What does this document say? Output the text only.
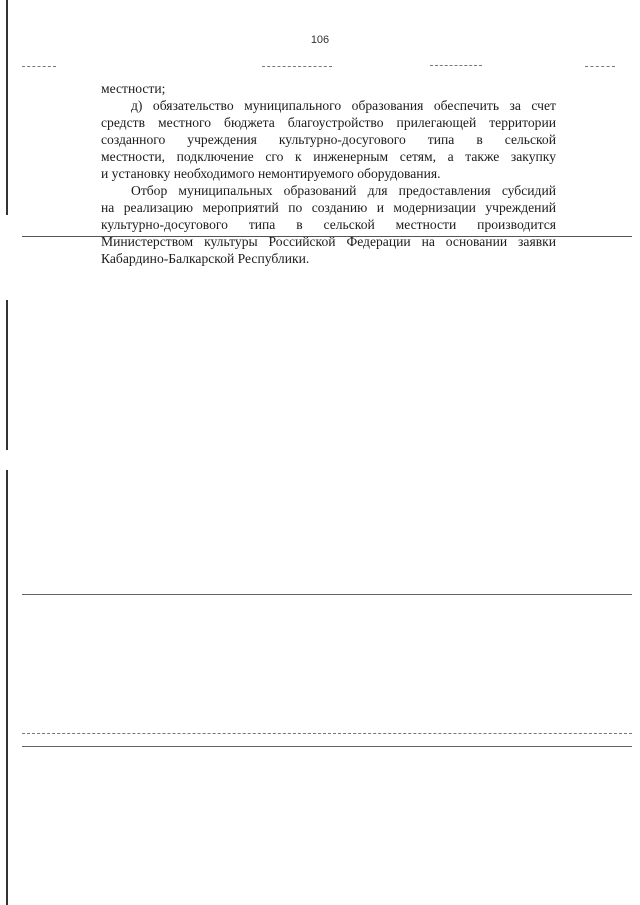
106
местности;
д) обязательство муниципального образования обеспечить за счет
средств местного бюджета благоустройство прилегающей территории
созданного учреждения культурно-досугового типа в сельской
местности, подключение сго к инженерным сетям, а также закупку
и установку необходимого немонтируемого оборудования.
Отбор муниципальных образований для предоставления субсидий
на реализацию мероприятий по созданию и модернизации учреждений
культурно-досугового типа в сельской местности производится
Министерством культуры Российской Федерации на основании заявки
Кабардино-Балкарской Республики.
